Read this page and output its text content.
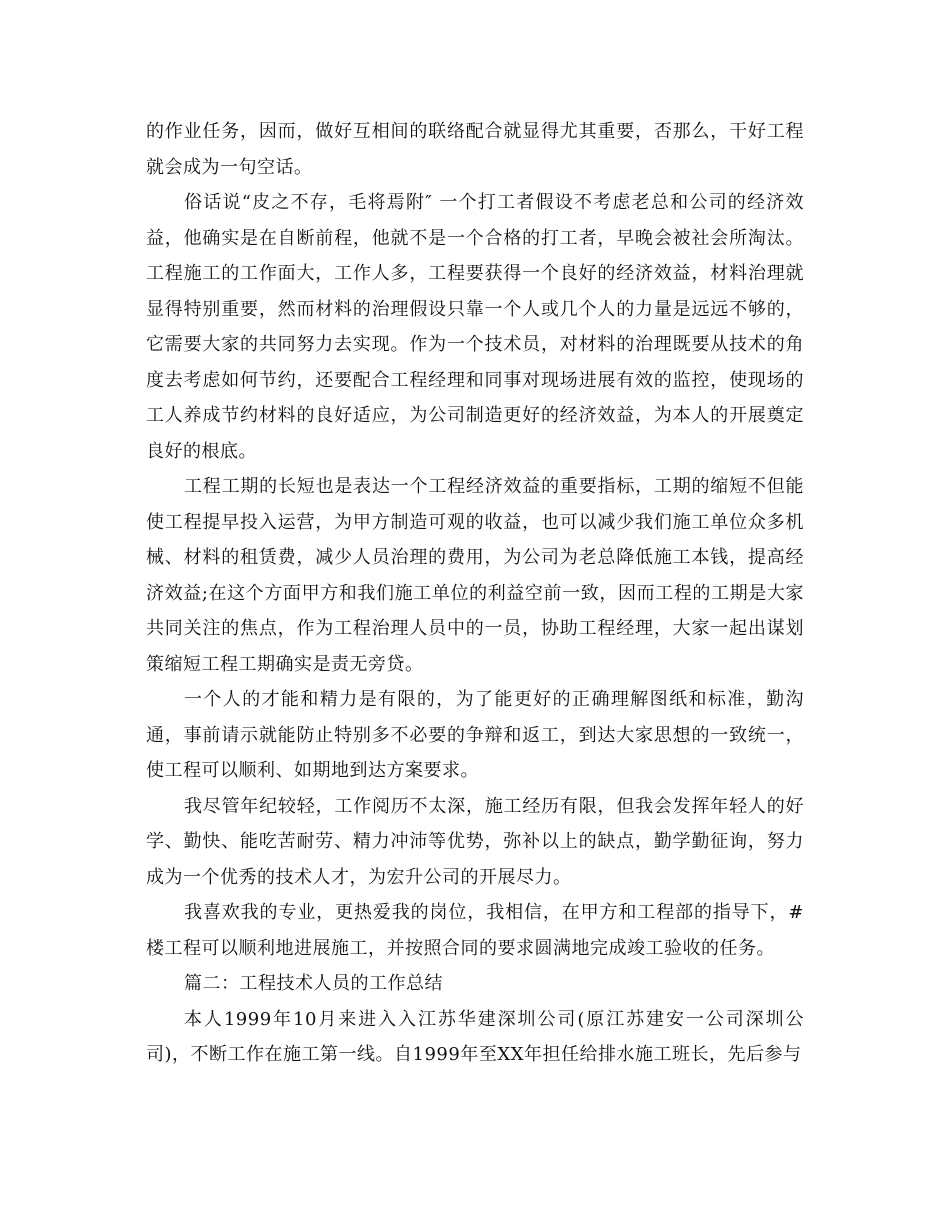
的作业任务，因而，做好互相间的联络配合就显得尤其重要，否那么，干好工程就会成为一句空话。

俗话说“皮之不存，毛将焉附″ 一个打工者假设不考虑老总和公司的经济效益，他确实是在自断前程，他就不是一个合格的打工者，早晚会被社会所淘汰。工程施工的工作面大，工作人多，工程要获得一个良好的经济效益，材料治理就显得特别重要，然而材料的治理假设只靠一个人或几个人的力量是远远不够的，它需要大家的共同努力去实现。作为一个技术员，对材料的治理既要从技术的角度去考虑如何节约，还要配合工程经理和同事对现场进展有效的监控，使现场的工人养成节约材料的良好适应，为公司制造更好的经济效益，为本人的开展奠定良好的根底。

工程工期的长短也是表达一个工程经济效益的重要指标，工期的缩短不但能使工程提早投入运营，为甲方制造可观的收益，也可以减少我们施工单位众多机械、材料的租赁费，减少人员治理的费用，为公司为老总降低施工本钱，提高经济效益;在这个方面甲方和我们施工单位的利益空前一致，因而工程的工期是大家共同关注的焦点，作为工程治理人员中的一员，协助工程经理，大家一起出谋划策缩短工程工期确实是责无旁贷。

一个人的才能和精力是有限的，为了能更好的正确理解图纸和标准，勤沟通，事前请示就能防止特别多不必要的争辩和返工，到达大家思想的一致统一，使工程可以顺利、如期地到达方案要求。

我尽管年纪较轻，工作阅历不太深，施工经历有限，但我会发挥年轻人的好学、勤快、能吃苦耐劳、精力冲沛等优势，弥补以上的缺点，勤学勤征询，努力成为一个优秀的技术人才，为宏升公司的开展尽力。

我喜欢我的专业，更热爱我的岗位，我相信，在甲方和工程部的指导下，#楼工程可以顺利地进展施工，并按照合同的要求圆满地完成竣工验收的任务。

篇二：工程技术人员的工作总结

本人1999年10月来进入入江苏华建深圳公司(原江苏建安一公司深圳公司)，不断工作在施工第一线。自1999年至XX年担任给排水施工班长，先后参与
